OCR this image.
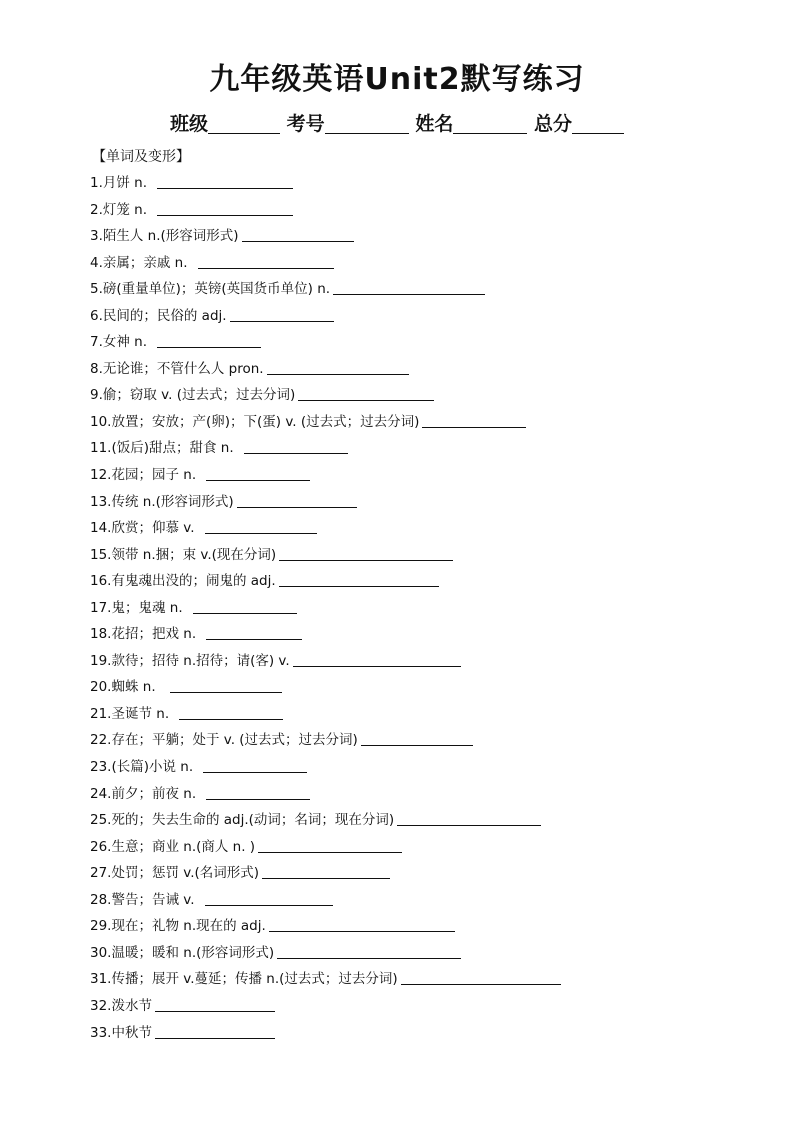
九年级英语Unit2默写练习
班级	考号	姓名	总分
【单词及变形】
1.月饼 n.
2.灯笼 n.
3.陌生人 n.(形容词形式)
4.亲属；亲戚 n.
5.磅(重量单位)；英镑(英国货币单位) n.
6.民间的；民俗的 adj.
7.女神 n.
8.无论谁；不管什么人 pron.
9.偷；窃取 v. (过去式；过去分词)
10.放置；安放；产(卵)；下(蛋) v. (过去式；过去分词)
11.(饭后)甜点；甜食 n.
12.花园；园子 n.
13.传统 n.(形容词形式)
14.欣赏；仰慕 v.
15.领带 n.捆；束 v.(现在分词)
16.有鬼魂出没的；闹鬼的 adj.
17.鬼；鬼魂 n.
18.花招；把戏 n.
19.款待；招待 n.招待；请(客) v.
20.蜘蛛 n.
21.圣诞节 n.
22.存在；平躺；处于 v. (过去式；过去分词)
23.(长篇)小说 n.
24.前夕；前夜 n.
25.死的；失去生命的 adj.(动词；名词；现在分词)
26.生意；商业 n.(商人 n. )
27.处罚；惩罚 v.(名词形式)
28.警告；告诫 v.
29.现在；礼物 n.现在的 adj.
30.温暖；暖和 n.(形容词形式)
31.传播；展开 v.蔓延；传播 n.(过去式；过去分词)
32.泼水节
33.中秋节
